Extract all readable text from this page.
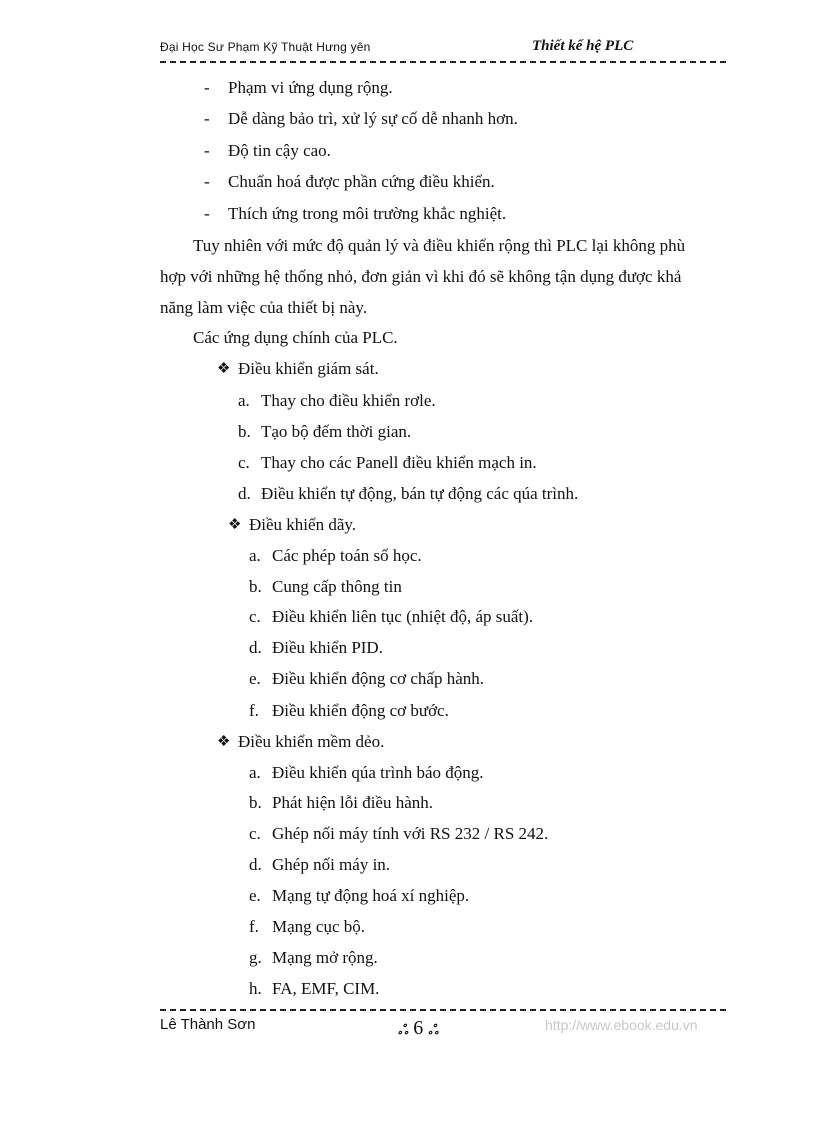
Đại Học Sư Phạm Kỹ Thuật Hưng yên	Thiết kế hệ PLC
- Phạm vi ứng dụng rộng.
- Dễ dàng bảo trì, xử lý sự cố dễ nhanh hơn.
- Độ tin cậy cao.
- Chuẩn hoá được phần cứng điều khiển.
- Thích ứng trong môi trường khắc nghiệt.
Tuy nhiên với mức độ quản lý và điều khiển rộng thì PLC lại không phù
hợp với những hệ thống nhỏ, đơn giản vì khi đó sẽ không tận dụng được khả
năng làm việc của thiết bị này.
Các ứng dụng chính của PLC.
❖ Điều khiển giám sát.
a. Thay cho điều khiển rơle.
b. Tạo bộ đếm thời gian.
c. Thay cho các Panell điều khiển mạch in.
d. Điều khiển tự động, bán tự động các qúa trình.
❖ Điều khiển dãy.
a. Các phép toán số học.
b. Cung cấp thông tin
c. Điều khiển liên tục (nhiệt độ, áp suất).
d. Điều khiển PID.
e. Điều khiển động cơ chấp hành.
f. Điều khiển động cơ bước.
❖ Điều khiển mềm dẻo.
a. Điều khiển qúa trình báo động.
b. Phát hiện lỗi điều hành.
c. Ghép nối máy tính với RS 232 / RS 242.
d. Ghép nối máy in.
e. Mạng tự động hoá xí nghiệp.
f. Mạng cục bộ.
g. Mạng mở rộng.
h. FA, EMF, CIM.
Lê Thành Sơn	ஃ 6 ஃ	http://www.ebook.edu.vn
